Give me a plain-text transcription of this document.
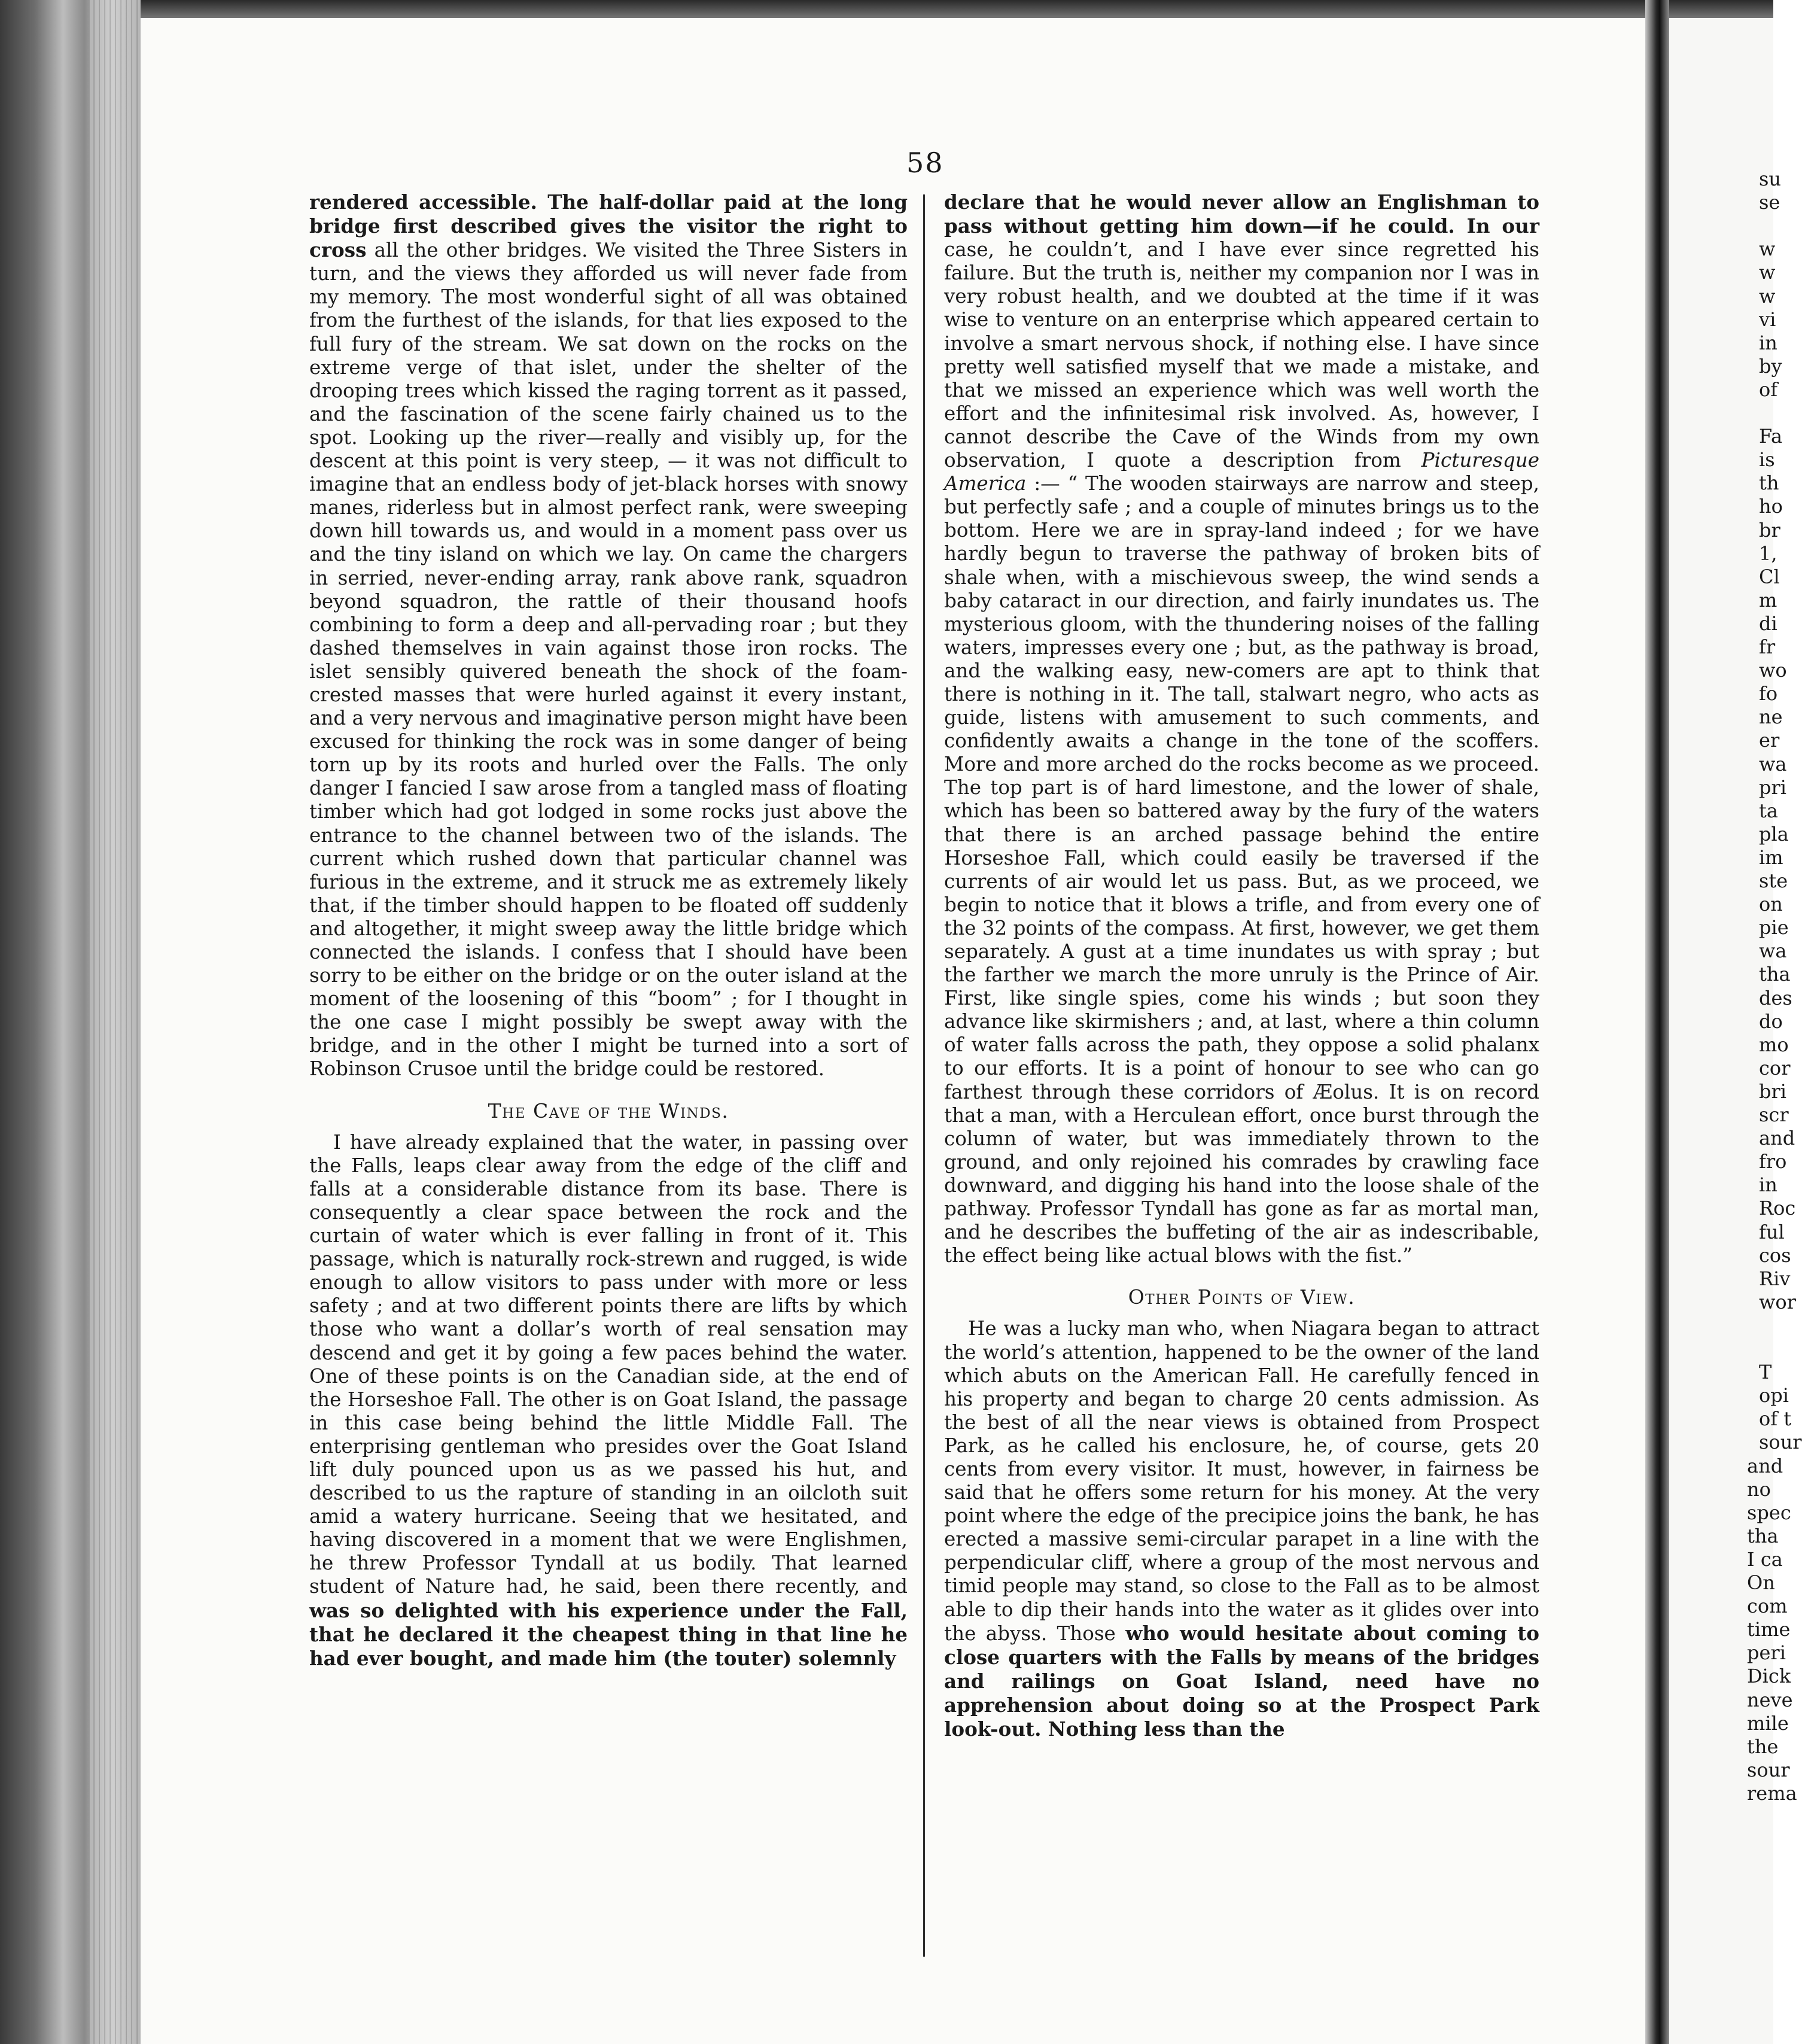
58

rendered accessible. The half-dollar paid at the long bridge first described gives the visitor the right to cross all the other bridges. We visited the Three Sisters in turn, and the views they afforded us will never fade from my memory. The most wonderful sight of all was obtained from the furthest of the islands, for that lies exposed to the full fury of the stream. We sat down on the rocks on the extreme verge of that islet, under the shelter of the drooping trees which kissed the raging torrent as it passed, and the fascination of the scene fairly chained us to the spot. Looking up the river—really and visibly up, for the descent at this point is very steep, — it was not difficult to imagine that an endless body of jet-black horses with snowy manes, riderless but in almost perfect rank, were sweeping down hill towards us, and would in a moment pass over us and the tiny island on which we lay. On came the chargers in serried, never-ending array, rank above rank, squadron beyond squadron, the rattle of their thousand hoofs combining to form a deep and all-pervading roar ; but they dashed themselves in vain against those iron rocks. The islet sensibly quivered beneath the shock of the foam-crested masses that were hurled against it every instant, and a very nervous and imaginative person might have been excused for thinking the rock was in some danger of being torn up by its roots and hurled over the Falls. The only danger I fancied I saw arose from a tangled mass of floating timber which had got lodged in some rocks just above the entrance to the channel between two of the islands. The current which rushed down that particular channel was furious in the extreme, and it struck me as extremely likely that, if the timber should happen to be floated off suddenly and altogether, it might sweep away the little bridge which connected the islands. I confess that I should have been sorry to be either on the bridge or on the outer island at the moment of the loosening of this “boom” ; for I thought in the one case I might possibly be swept away with the bridge, and in the other I might be turned into a sort of Robinson Crusoe until the bridge could be restored.

The Cave of the Winds.

I have already explained that the water, in passing over the Falls, leaps clear away from the edge of the cliff and falls at a considerable distance from its base. There is consequently a clear space between the rock and the curtain of water which is ever falling in front of it. This passage, which is naturally rock-strewn and rugged, is wide enough to allow visitors to pass under with more or less safety ; and at two different points there are lifts by which those who want a dollar’s worth of real sensation may descend and get it by going a few paces behind the water. One of these points is on the Canadian side, at the end of the Horseshoe Fall. The other is on Goat Island, the passage in this case being behind the little Middle Fall. The enterprising gentleman who presides over the Goat Island lift duly pounced upon us as we passed his hut, and described to us the rapture of standing in an oilcloth suit amid a watery hurricane. Seeing that we hesitated, and having discovered in a moment that we were Englishmen, he threw Professor Tyndall at us bodily. That learned student of Nature had, he said, been there recently, and was so delighted with his experience under the Fall, that he declared it the cheapest thing in that line he had ever bought, and made him (the touter) solemnly

declare that he would never allow an Englishman to pass without getting him down—if he could. In our case, he couldn’t, and I have ever since regretted his failure. But the truth is, neither my companion nor I was in very robust health, and we doubted at the time if it was wise to venture on an enterprise which appeared certain to involve a smart nervous shock, if nothing else. I have since pretty well satisfied myself that we made a mistake, and that we missed an experience which was well worth the effort and the infinitesimal risk involved. As, however, I cannot describe the Cave of the Winds from my own observation, I quote a description from Picturesque America :— “ The wooden stairways are narrow and steep, but perfectly safe ; and a couple of minutes brings us to the bottom. Here we are in spray-land indeed ; for we have hardly begun to traverse the pathway of broken bits of shale when, with a mischievous sweep, the wind sends a baby cataract in our direction, and fairly inundates us. The mysterious gloom, with the thundering noises of the falling waters, impresses every one ; but, as the pathway is broad, and the walking easy, new-comers are apt to think that there is nothing in it. The tall, stalwart negro, who acts as guide, listens with amusement to such comments, and confidently awaits a change in the tone of the scoffers. More and more arched do the rocks become as we proceed. The top part is of hard limestone, and the lower of shale, which has been so battered away by the fury of the waters that there is an arched passage behind the entire Horseshoe Fall, which could easily be traversed if the currents of air would let us pass. But, as we proceed, we begin to notice that it blows a trifle, and from every one of the 32 points of the compass. At first, however, we get them separately. A gust at a time inundates us with spray ; but the farther we march the more unruly is the Prince of Air. First, like single spies, come his winds ; but soon they advance like skirmishers ; and, at last, where a thin column of water falls across the path, they oppose a solid phalanx to our efforts. It is a point of honour to see who can go farthest through these corridors of Æolus. It is on record that a man, with a Herculean effort, once burst through the column of water, but was immediately thrown to the ground, and only rejoined his comrades by crawling face downward, and digging his hand into the loose shale of the pathway. Professor Tyndall has gone as far as mortal man, and he describes the buffeting of the air as indescribable, the effect being like actual blows with the fist.”

Other Points of View.

He was a lucky man who, when Niagara began to attract the world’s attention, happened to be the owner of the land which abuts on the American Fall. He carefully fenced in his property and began to charge 20 cents admission. As the best of all the near views is obtained from Prospect Park, as he called his enclosure, he, of course, gets 20 cents from every visitor. It must, however, in fairness be said that he offers some return for his money. At the very point where the edge of the precipice joins the bank, he has erected a massive semi-circular parapet in a line with the perpendicular cliff, where a group of the most nervous and timid people may stand, so close to the Fall as to be almost able to dip their hands into the water as it glides over into the abyss. Those who would hesitate about coming to close quarters with the Falls by means of the bridges and railings on Goat Island, need have no apprehension about doing so at the Prospect Park look-out. Nothing less than the

su
se
w
w
w
vi
in
by
of
Fa
is
th
ho
br
1,
Cl
m
di
fr
wo
fo
ne
er
wa
pri
ta
pla
im
ste
on
pie
wa
tha
des
do
mo
cor
bri
scr
and
fro
in
Roc
ful
cos
Riv
wor
T
opi
of t
sour
and
no
spec
tha
I ca
On
com
time
peri
Dick
neve
mile
the
sour
rema
